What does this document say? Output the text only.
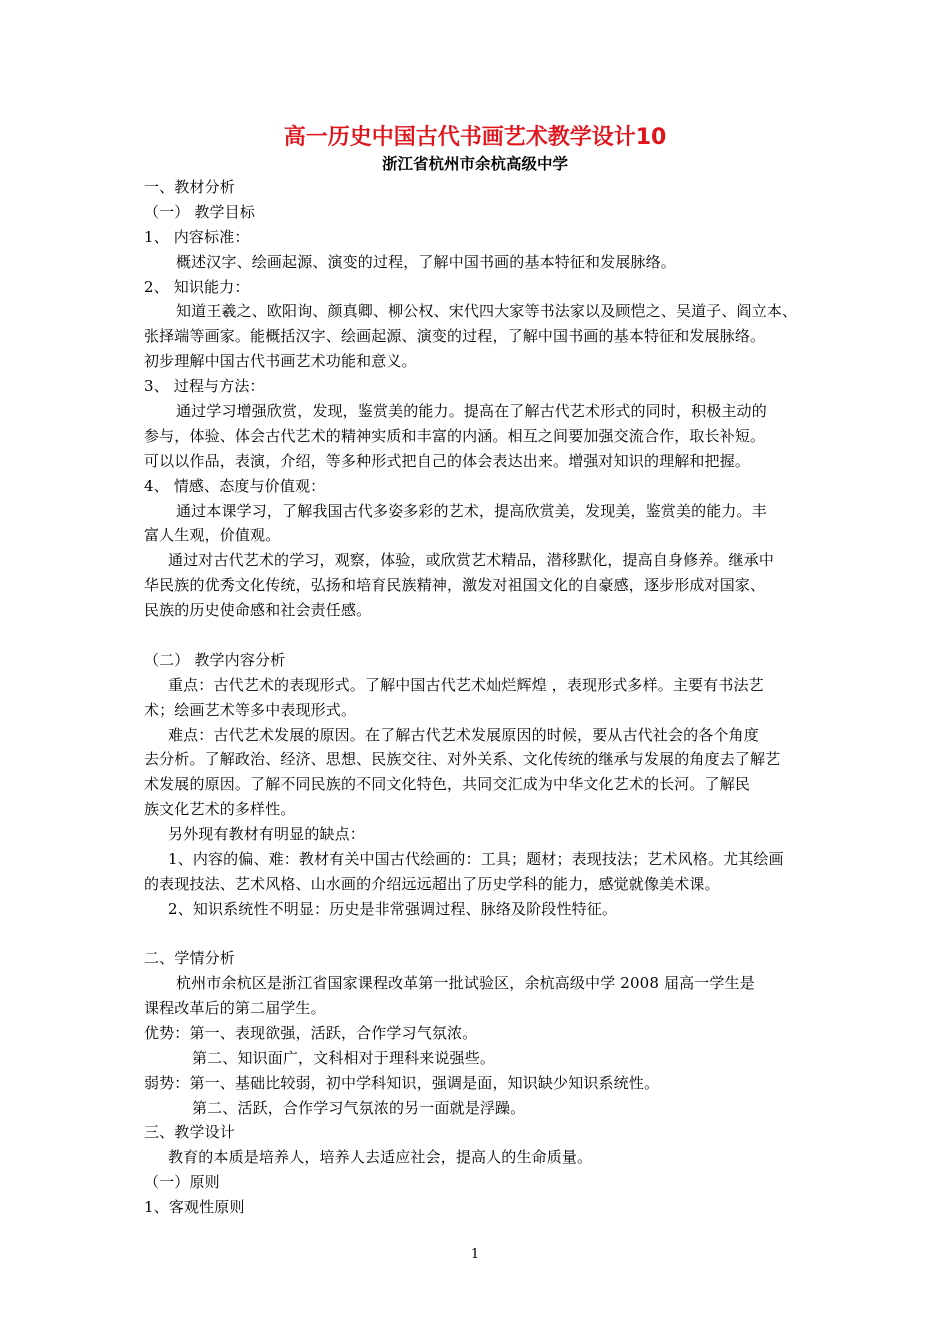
高一历史中国古代书画艺术教学设计10
浙江省杭州市余杭高级中学
一、教材分析
（一） 教学目标
1、 内容标准：
概述汉字、绘画起源、演变的过程，了解中国书画的基本特征和发展脉络。
2、 知识能力：
知道王羲之、欧阳询、颜真卿、柳公权、宋代四大家等书法家以及顾恺之、吴道子、阎立本、
张择端等画家。能概括汉字、绘画起源、演变的过程，了解中国书画的基本特征和发展脉络。
初步理解中国古代书画艺术功能和意义。
3、 过程与方法：
通过学习增强欣赏，发现，鉴赏美的能力。提高在了解古代艺术形式的同时，积极主动的
参与，体验、体会古代艺术的精神实质和丰富的内涵。相互之间要加强交流合作，取长补短。
可以以作品，表演，介绍，等多种形式把自己的体会表达出来。增强对知识的理解和把握。
4、 情感、态度与价值观：
通过本课学习，了解我国古代多姿多彩的艺术，提高欣赏美，发现美，鉴赏美的能力。丰
富人生观，价值观。
通过对古代艺术的学习，观察，体验，或欣赏艺术精品，潜移默化，提高自身修养。继承中
华民族的优秀文化传统，弘扬和培育民族精神，激发对祖国文化的自豪感，逐步形成对国家、
民族的历史使命感和社会责任感。
（二） 教学内容分析
重点：古代艺术的表现形式。了解中国古代艺术灿烂辉煌 ，表现形式多样。主要有书法艺
术；绘画艺术等多中表现形式。
难点：古代艺术发展的原因。在了解古代艺术发展原因的时候，要从古代社会的各个角度
去分析。了解政治、经济、思想、民族交往、对外关系、文化传统的继承与发展的角度去了解艺
术发展的原因。了解不同民族的不同文化特色，共同交汇成为中华文化艺术的长河。了解民
族文化艺术的多样性。
另外现有教材有明显的缺点：
1、内容的偏、难：教材有关中国古代绘画的：工具；题材；表现技法；艺术风格。尤其绘画
的表现技法、艺术风格、山水画的介绍远远超出了历史学科的能力，感觉就像美术课。
2、知识系统性不明显：历史是非常强调过程、脉络及阶段性特征。
二、学情分析
杭州市余杭区是浙江省国家课程改革第一批试验区，余杭高级中学 2008 届高一学生是
课程改革后的第二届学生。
优势：第一、表现欲强，活跃，合作学习气氛浓。
第二、知识面广，文科相对于理科来说强些。
弱势：第一、基础比较弱，初中学科知识，强调是面，知识缺少知识系统性。
第二、活跃，合作学习气氛浓的另一面就是浮躁。
三、教学设计
教育的本质是培养人，培养人去适应社会，提高人的生命质量。
（一）原则
1、客观性原则
1
